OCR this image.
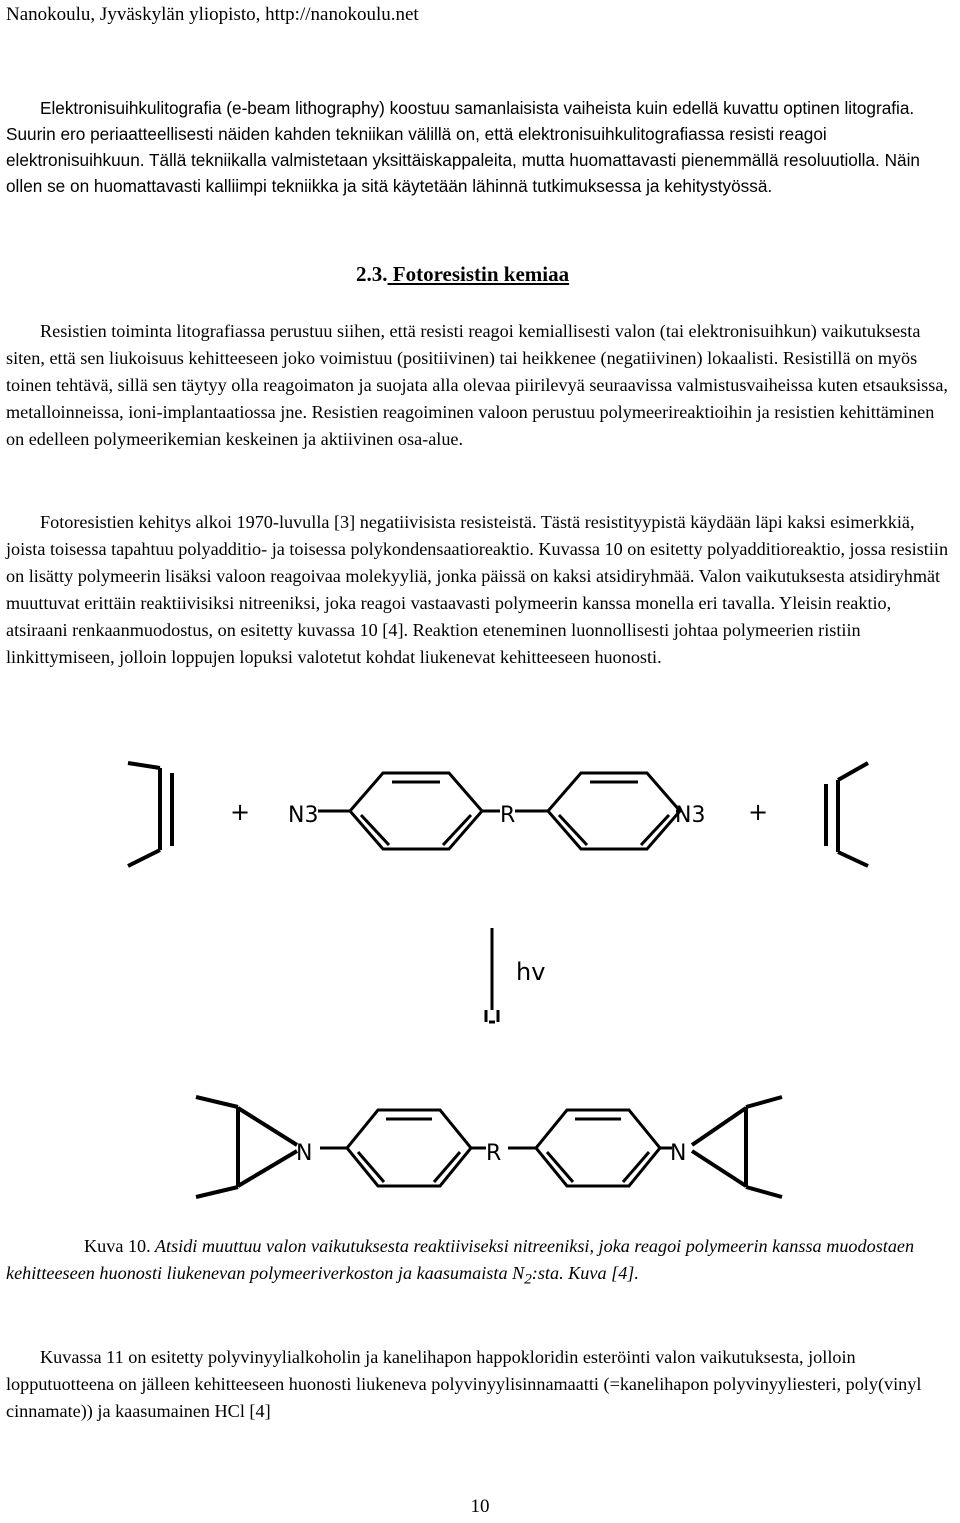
Nanokoulu, Jyväskylän yliopisto, http://nanokoulu.net

Elektronisuihkulitografia (e-beam lithography) koostuu samanlaisista vaiheista kuin edellä kuvattu optinen litografia. Suurin ero periaatteellisesti näiden kahden tekniikan välillä on, että elektronisuihkulitografiassa resisti reagoi elektronisuihkuun. Tällä tekniikalla valmistetaan yksittäiskappaleita, mutta huomattavasti pienemmällä resoluutiolla. Näin ollen se on huomattavasti kalliimpi tekniikka ja sitä käytetään lähinnä tutkimuksessa ja kehitystyössä.

2.3. Fotoresistin kemiaa

Resistien toiminta litografiassa perustuu siihen, että resisti reagoi kemiallisesti valon (tai elektronisuihkun) vaikutuksesta siten, että sen liukoisuus kehitteeseen joko voimistuu (positiivinen) tai heikkenee (negatiivinen) lokaalisti. Resistillä on myös toinen tehtävä, sillä sen täytyy olla reagoimaton ja suojata alla olevaa piirilevyä seuraavissa valmistusvaiheissa kuten etsauksissa, metalloinneissa, ioni-implantaatiossa jne. Resistien reagoiminen valoon perustuu polymeerireaktioihin ja resistien kehittäminen on edelleen polymeerikemian keskeinen ja aktiivinen osa-alue.

Fotoresistien kehitys alkoi 1970-luvulla [3] negatiivisista resisteistä. Tästä resistityypistä käydään läpi kaksi esimerkkiä, joista toisessa tapahtuu polyadditio- ja toisessa polykondensaatioreaktio. Kuvassa 10 on esitetty polyadditioreaktio, jossa resistiin on lisätty polymeerin lisäksi valoon reagoivaa molekyyliä, jonka päissä on kaksi atsidiryhmää. Valon vaikutuksesta atsidiryhmät muuttuvat erittäin reaktiivisiksi nitreeniksi, joka reagoi vastaavasti polymeerin kanssa monella eri tavalla. Yleisin reaktio, atsiraani renkaanmuodostus, on esitetty kuvassa 10 [4]. Reaktion eteneminen luonnollisesti johtaa polymeerien ristiin linkittymiseen, jolloin loppujen lopuksi valotetut kohdat liukenevat kehitteeseen huonosti.

+	+
N3	N3
R
hv
N	R	N
Kuva 10. Atsidi muuttuu valon vaikutuksesta reaktiiviseksi nitreeniksi, joka reagoi polymeerin kanssa muodostaen kehitteeseen huonosti liukenevan polymeeriverkoston ja kaasumaista $N_2:sta$. Kuva [4].

Kuvassa 11 on esitetty polyvinyylialkoholin ja kanelihapon happokloridin esteröinti valon vaikutuksesta, jolloin lopputuotteena on jälleen kehitteeseen huonosti liukeneva polyvinyylisinnamaatti (=kanelihapon polyvinyyliesteri, poly(vinyl cinnamate)) ja kaasumainen HCl [4]

10
